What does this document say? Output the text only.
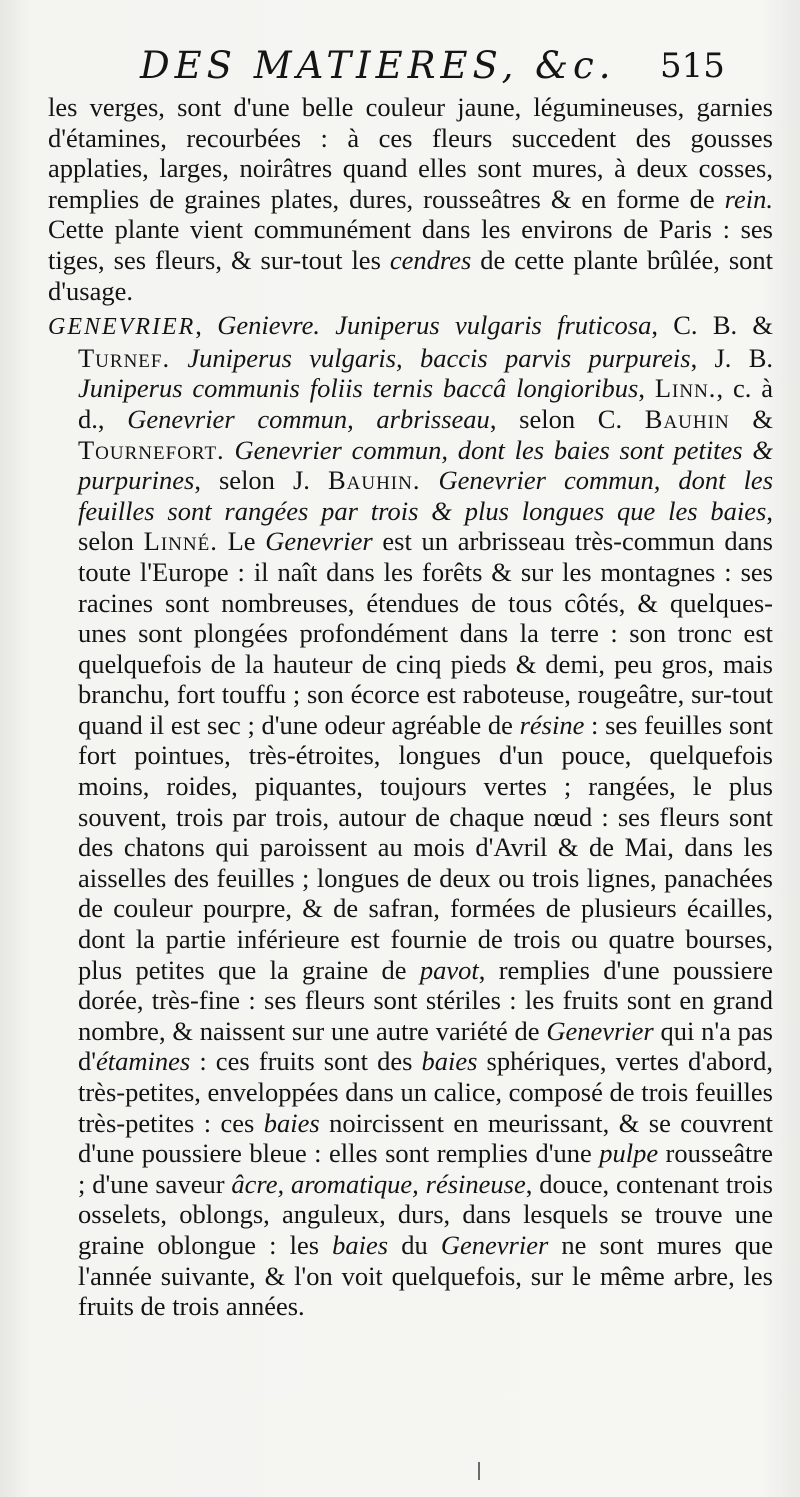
DES MATIERES, &c. 515

les verges, sont d'une belle couleur jaune, légumineuses, garnies d'étamines, recourbées : à ces fleurs succedent des gousses applaties, larges, noirâtres quand elles sont mures, à deux cosses, remplies de graines plates, dures, rousseâtres & en forme de rein. Cette plante vient communément dans les environs de Paris : ses tiges, ses fleurs, & sur-tout les cendres de cette plante brûlée, sont d'usage.

GENEVRIER, Genievre. Juniperus vulgaris fruticosa, C. B. & Turnef. Juniperus vulgaris, baccis parvis purpureis, J. B. Juniperus communis foliis ternis baccâ longioribus, Linn., c. à d., Genevrier commun, arbrisseau, selon C. Bauhin & Tournefort. Genevrier commun, dont les baies sont petites & purpurines, selon J. Bauhin. Genevrier commun, dont les feuilles sont rangées par trois & plus longues que les baies, selon Linné. Le Genevrier est un arbrisseau très-commun dans toute l'Europe : il naît dans les forêts & sur les montagnes : ses racines sont nombreuses, étendues de tous côtés, & quelques-unes sont plongées profondément dans la terre : son tronc est quelquefois de la hauteur de cinq pieds & demi, peu gros, mais branchu, fort touffu ; son écorce est raboteuse, rougeâtre, sur-tout quand il est sec ; d'une odeur agréable de résine : ses feuilles sont fort pointues, très-étroites, longues d'un pouce, quelquefois moins, roides, piquantes, toujours vertes ; rangées, le plus souvent, trois par trois, autour de chaque nœud : ses fleurs sont des chatons qui paroissent au mois d'Avril & de Mai, dans les aisselles des feuilles ; longues de deux ou trois lignes, panachées de couleur pourpre, & de safran, formées de plusieurs écailles, dont la partie inférieure est fournie de trois ou quatre bourses, plus petites que la graine de pavot, remplies d'une poussiere dorée, très-fine : ses fleurs sont stériles : les fruits sont en grand nombre, & naissent sur une autre variété de Genevrier qui n'a pas d'étamines : ces fruits sont des baies sphériques, vertes d'abord, très-petites, enveloppées dans un calice, composé de trois feuilles très-petites : ces baies noircissent en meurissant, & se couvrent d'une poussiere bleue : elles sont remplies d'une pulpe rousseâtre ; d'une saveur âcre, aromatique, résineuse, douce, contenant trois osselets, oblongs, anguleux, durs, dans lesquels se trouve une graine oblongue : les baies du Genevrier ne sont mures que l'année suivante, & l'on voit quelquefois, sur le même arbre, les fruits de trois années.
